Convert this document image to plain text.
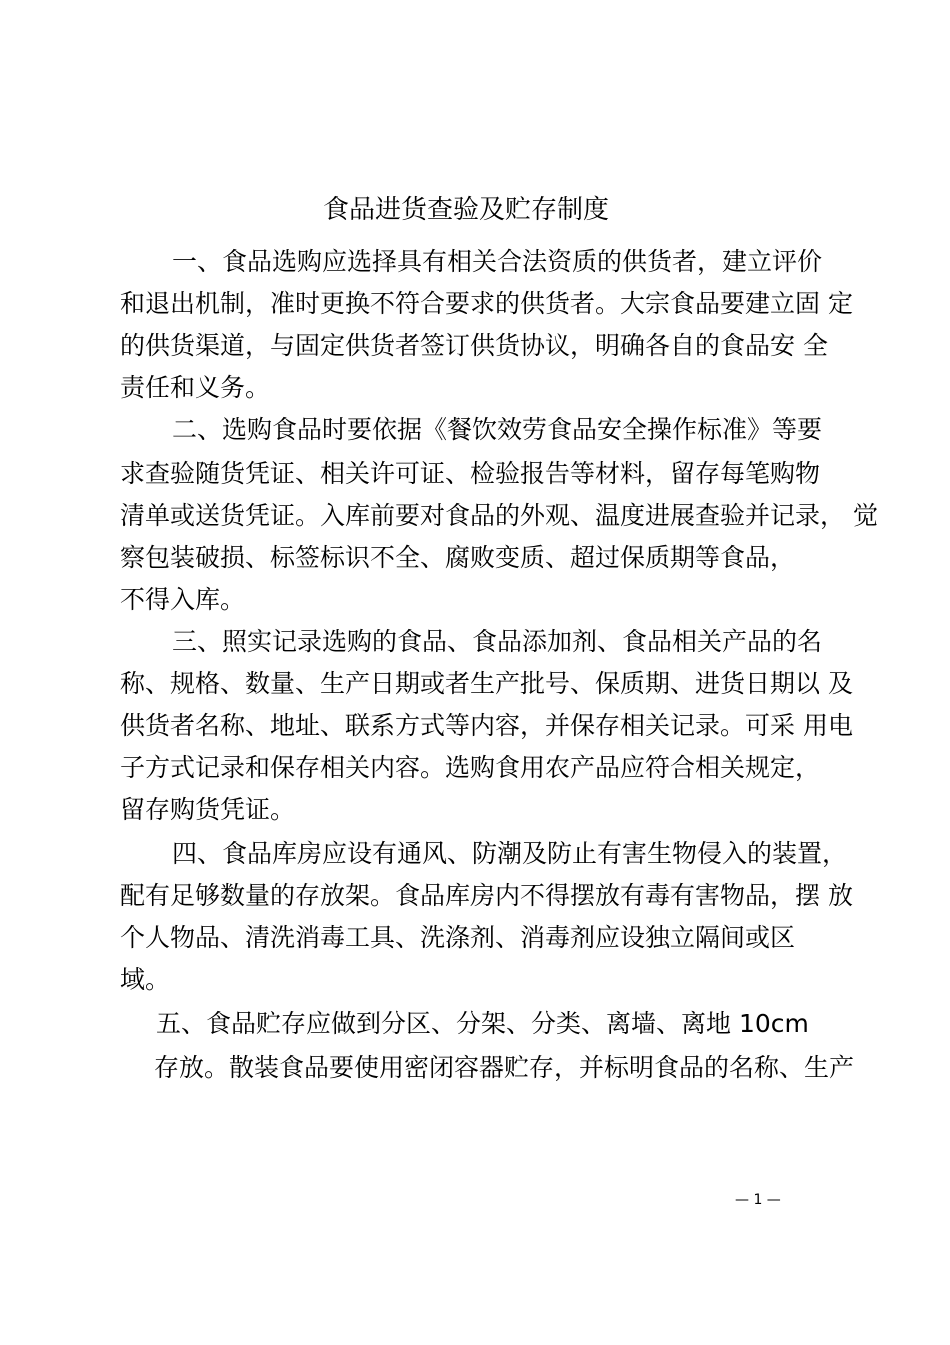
食品进货查验及贮存制度
一、食品选购应选择具有相关合法资质的供货者，建立评价
和退出机制，准时更换不符合要求的供货者。大宗食品要建立固 定
的供货渠道，与固定供货者签订供货协议，明确各自的食品安 全
责任和义务。
二、选购食品时要依据《餐饮效劳食品安全操作标准》等要
求查验随货凭证、相关许可证、检验报告等材料，留存每笔购物
清单或送货凭证。入库前要对食品的外观、温度进展查验并记录， 觉
察包装破损、标签标识不全、腐败变质、超过保质期等食品，
不得入库。
三、照实记录选购的食品、食品添加剂、食品相关产品的名
称、规格、数量、生产日期或者生产批号、保质期、进货日期以 及
供货者名称、地址、联系方式等内容，并保存相关记录。可采 用电
子方式记录和保存相关内容。选购食用农产品应符合相关规定，
留存购货凭证。
四、食品库房应设有通风、防潮及防止有害生物侵入的装置，
配有足够数量的存放架。食品库房内不得摆放有毒有害物品，摆 放
个人物品、清洗消毒工具、洗涤剂、消毒剂应设独立隔间或区
域。
五、食品贮存应做到分区、分架、分类、离墙、离地 10cm
存放。散装食品要使用密闭容器贮存，并标明食品的名称、生产
— 1 —
